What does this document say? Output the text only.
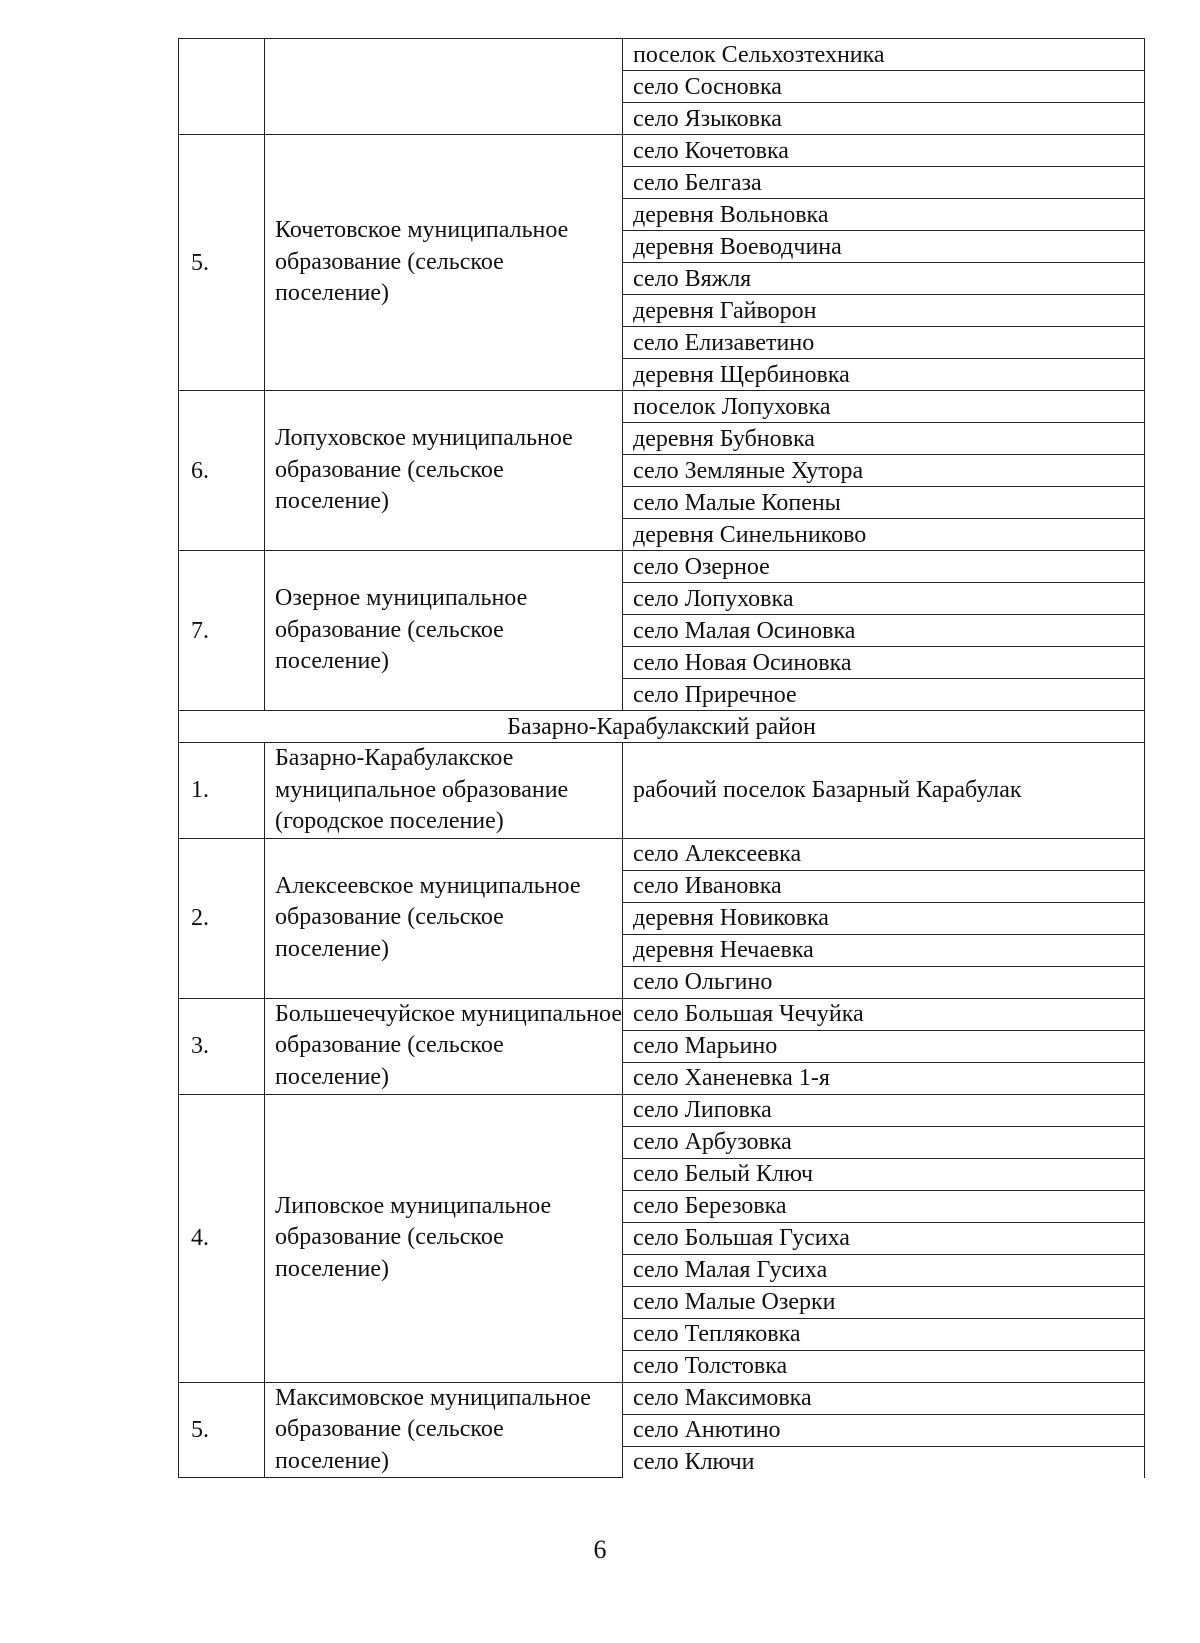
		поселок Сельхозтехника
		село Сосновка
		село Языковка
5.	Кочетовское муниципальное образование (сельское поселение)	село Кочетовка
		село Белгаза
		деревня Вольновка
		деревня Воеводчина
		село Вяжля
		деревня Гайворон
		село Елизаветино
		деревня Щербиновка
6.	Лопуховское муниципальное образование (сельское поселение)	поселок Лопуховка
		деревня Бубновка
		село Земляные Хутора
		село Малые Копены
		деревня Синельниково
7.	Озерное муниципальное образование (сельское поселение)	село Озерное
		село Лопуховка
		село Малая Осиновка
		село Новая Осиновка
		село Приречное
Базарно-Карабулакский район		
1.	Базарно-Карабулакское муниципальное образование (городское поселение)	рабочий поселок Базарный Карабулак
2.	Алексеевское муниципальное образование (сельское поселение)	село Алексеевка
		село Ивановка
		деревня Новиковка
		деревня Нечаевка
		село Ольгино
3.	Большечечуйское муниципальное образование (сельское поселение)	село Большая Чечуйка
		село Марьино
		село Ханеневка 1-я
4.	Липовское муниципальное образование (сельское поселение)	село Липовка
		село Арбузовка
		село Белый Ключ
		село Березовка
		село Большая Гусиха
		село Малая Гусиха
		село Малые Озерки
		село Тепляковка
		село Толстовка
5.	Максимовское муниципальное образование (сельское поселение)	село Максимовка
		село Анютино
		село Ключи
6
